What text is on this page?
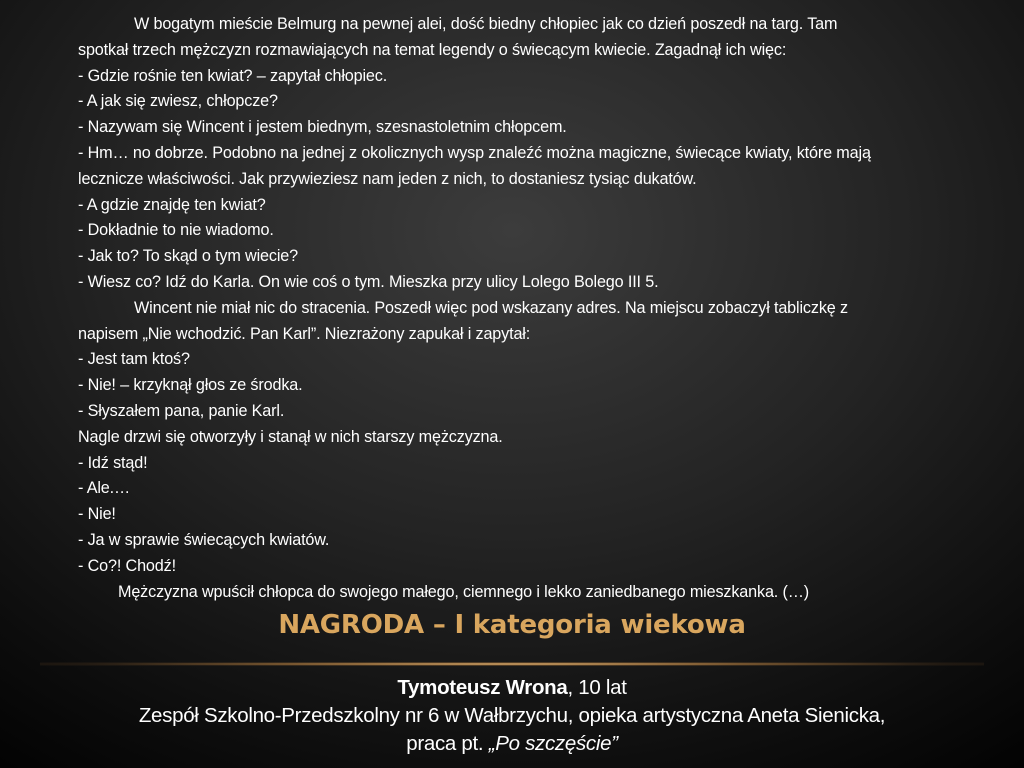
W bogatym mieście Belmurg na pewnej alei, dość biedny chłopiec jak co dzień poszedł na targ. Tam
spotkał trzech mężczyzn rozmawiających na temat legendy o świecącym kwiecie. Zagadnął ich więc:
- Gdzie rośnie ten kwiat? – zapytał chłopiec.
- A jak się zwiesz, chłopcze?
- Nazywam się Wincent i jestem biednym, szesnastoletnim chłopcem.
- Hm… no dobrze. Podobno na jednej z okolicznych wysp znaleźć można magiczne, świecące kwiaty, które mają
lecznicze właściwości. Jak przywieziesz nam jeden z nich, to dostaniesz tysiąc dukatów.
- A gdzie znajdę ten kwiat?
- Dokładnie to nie wiadomo.
- Jak to? To skąd o tym wiecie?
- Wiesz co? Idź do Karla. On wie coś o tym. Mieszka przy ulicy Lolego Bolego III 5.
Wincent nie miał nic do stracenia. Poszedł więc pod wskazany adres. Na miejscu zobaczył tabliczkę z
napisem „Nie wchodzić. Pan Karl”. Niezrażony zapukał i zapytał:
- Jest tam ktoś?
- Nie! – krzyknął głos ze środka.
- Słyszałem pana, panie Karl.
Nagle drzwi się otworzyły i stanął w nich starszy mężczyzna.
- Idź stąd!
- Ale.…
- Nie!
- Ja w sprawie świecących kwiatów.
- Co?! Chodź!
Mężczyzna wpuścił chłopca do swojego małego, ciemnego i lekko zaniedbanego mieszkanka. (…)
NAGRODA – I kategoria wiekowa
Tymoteusz Wrona, 10 lat
Zespół Szkolno-Przedszkolny nr 6 w Wałbrzychu, opieka artystyczna Aneta Sienicka,
praca pt. „Po szczęście”
